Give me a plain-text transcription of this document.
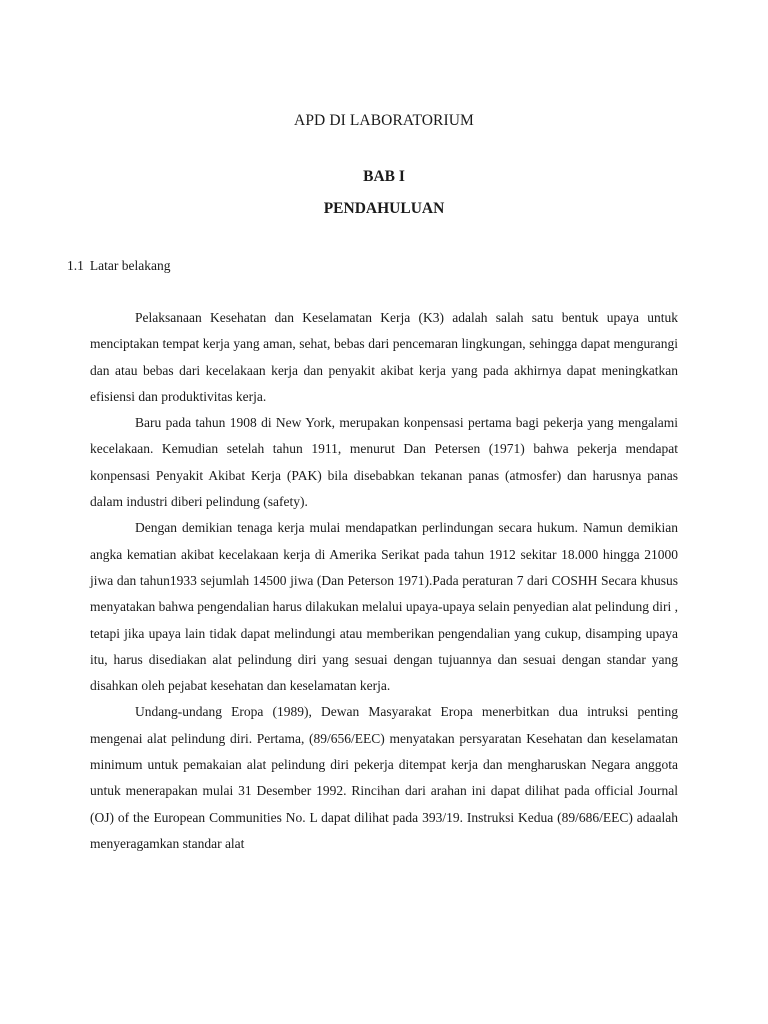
APD DI LABORATORIUM
BAB I
PENDAHULUAN
1.1 Latar belakang

Pelaksanaan Kesehatan dan Keselamatan Kerja (K3) adalah salah satu bentuk upaya untuk menciptakan tempat kerja yang aman, sehat, bebas dari pencemaran lingkungan, sehingga dapat mengurangi dan atau bebas dari kecelakaan kerja dan penyakit akibat kerja yang pada akhirnya dapat meningkatkan efisiensi dan produktivitas kerja.

Baru pada tahun 1908 di New York, merupakan konpensasi pertama bagi pekerja yang mengalami kecelakaan. Kemudian setelah tahun 1911, menurut Dan Petersen (1971) bahwa pekerja mendapat konpensasi Penyakit Akibat Kerja (PAK) bila disebabkan tekanan panas (atmosfer) dan harusnya panas dalam industri diberi pelindung (safety).

Dengan demikian tenaga kerja mulai mendapatkan perlindungan secara hukum. Namun demikian angka kematian akibat kecelakaan kerja di Amerika Serikat pada tahun 1912 sekitar 18.000 hingga 21000 jiwa dan tahun1933 sejumlah 14500 jiwa (Dan Peterson 1971).Pada peraturan 7 dari COSHH Secara khusus menyatakan bahwa pengendalian harus dilakukan melalui upaya-upaya selain penyedian alat pelindung diri , tetapi jika upaya lain tidak dapat melindungi atau memberikan pengendalian yang cukup, disamping upaya itu, harus disediakan alat pelindung diri yang sesuai dengan tujuannya dan sesuai dengan standar yang disahkan oleh pejabat kesehatan dan keselamatan kerja.

Undang-undang Eropa (1989), Dewan Masyarakat Eropa menerbitkan dua intruksi penting mengenai alat pelindung diri. Pertama, (89/656/EEC) menyatakan persyaratan Kesehatan dan keselamatan minimum untuk pemakaian alat pelindung diri pekerja ditempat kerja dan mengharuskan Negara anggota untuk menerapakan mulai 31 Desember 1992. Rincihan dari arahan ini dapat dilihat pada official Journal (OJ) of the European Communities No. L dapat dilihat pada 393/19. Instruksi Kedua (89/686/EEC) adaalah menyeragamkan standar alat
